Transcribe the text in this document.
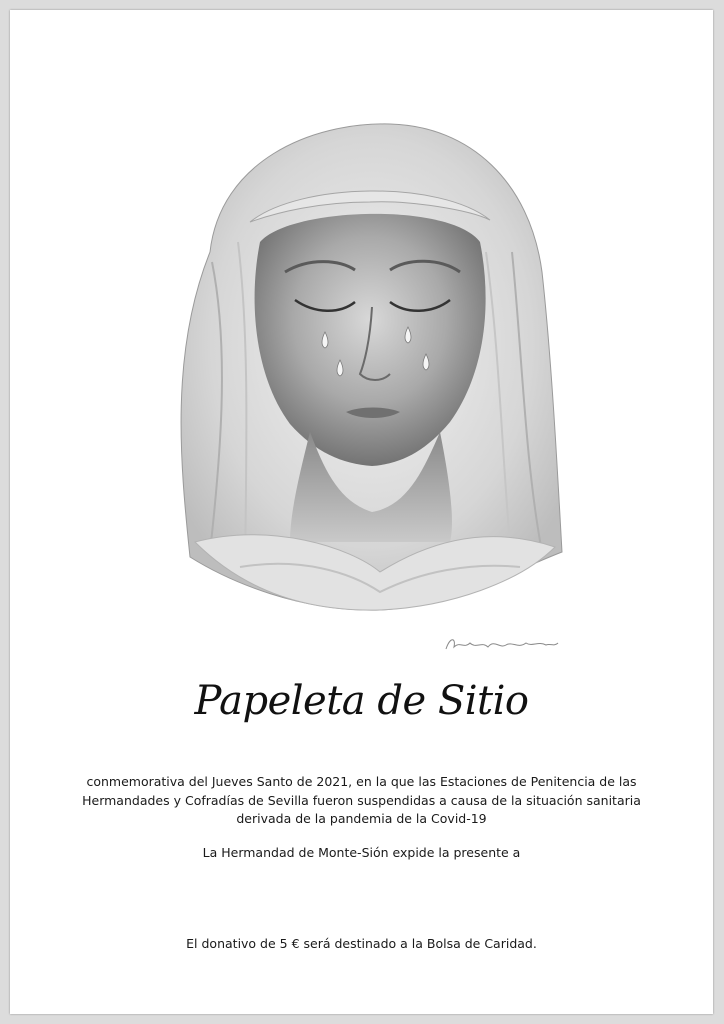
Papeleta de Sitio
conmemorativa del Jueves Santo de 2021, en la que las Estaciones de Penitencia de las Hermandades y Cofradías de Sevilla fueron suspendidas a causa de la situación sanitaria derivada de la pandemia de la Covid-19
La Hermandad de Monte-Sión expide la presente a
El donativo de 5 € será destinado a la Bolsa de Caridad.
